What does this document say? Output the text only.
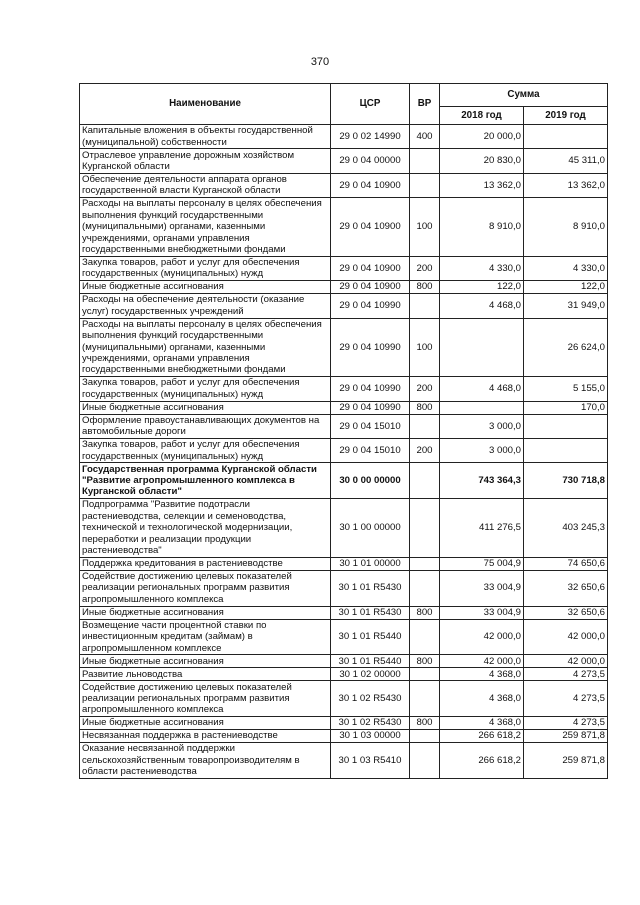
370
Наименование	ЦСР	ВР	Сумма	
			2018 год	2019 год
Капитальные вложения в объекты государственной (муниципальной) собственности	29 0 02 14990	400	20 000,0	
Отраслевое управление дорожным хозяйством Курганской области	29 0 04 00000		20 830,0	45 311,0
Обеспечение деятельности аппарата органов государственной власти Курганской области	29 0 04 10900		13 362,0	13 362,0
Расходы на выплаты персоналу в целях обеспечения выполнения функций государственными (муниципальными) органами, казенными учреждениями, органами управления государственными внебюджетными фондами	29 0 04 10900	100	8 910,0	8 910,0
Закупка товаров, работ и услуг для обеспечения государственных (муниципальных) нужд	29 0 04 10900	200	4 330,0	4 330,0
Иные бюджетные ассигнования	29 0 04 10900	800	122,0	122,0
Расходы на обеспечение деятельности (оказание услуг) государственных учреждений	29 0 04 10990		4 468,0	31 949,0
Расходы на выплаты персоналу в целях обеспечения выполнения функций государственными (муниципальными) органами, казенными учреждениями, органами управления государственными внебюджетными фондами	29 0 04 10990	100		26 624,0
Закупка товаров, работ и услуг для обеспечения государственных (муниципальных) нужд	29 0 04 10990	200	4 468,0	5 155,0
Иные бюджетные ассигнования	29 0 04 10990	800		170,0
Оформление правоустанавливающих документов на автомобильные дороги	29 0 04 15010		3 000,0	
Закупка товаров, работ и услуг для обеспечения государственных (муниципальных) нужд	29 0 04 15010	200	3 000,0	
Государственная программа Курганской области "Развитие агропромышленного комплекса в Курганской области"	30 0 00 00000		743 364,3	730 718,8
Подпрограмма "Развитие подотрасли растениеводства, селекции и семеноводства, технической и технологической модернизации, переработки и реализации продукции растениеводства"	30 1 00 00000		411 276,5	403 245,3
Поддержка кредитования в растениеводстве	30 1 01 00000		75 004,9	74 650,6
Содействие достижению целевых показателей реализации региональных программ развития агропромышленного комплекса	30 1 01 R5430		33 004,9	32 650,6
Иные бюджетные ассигнования	30 1 01 R5430	800	33 004,9	32 650,6
Возмещение части процентной ставки по инвестиционным кредитам (займам) в агропромышленном комплексе	30 1 01 R5440		42 000,0	42 000,0
Иные бюджетные ассигнования	30 1 01 R5440	800	42 000,0	42 000,0
Развитие льноводства	30 1 02 00000		4 368,0	4 273,5
Содействие достижению целевых показателей реализации региональных программ развития агропромышленного комплекса	30 1 02 R5430		4 368,0	4 273,5
Иные бюджетные ассигнования	30 1 02 R5430	800	4 368,0	4 273,5
Несвязанная поддержка в растениеводстве	30 1 03 00000		266 618,2	259 871,8
Оказание несвязанной поддержки сельскохозяйственным товаропроизводителям в области растениеводства	30 1 03 R5410		266 618,2	259 871,8
